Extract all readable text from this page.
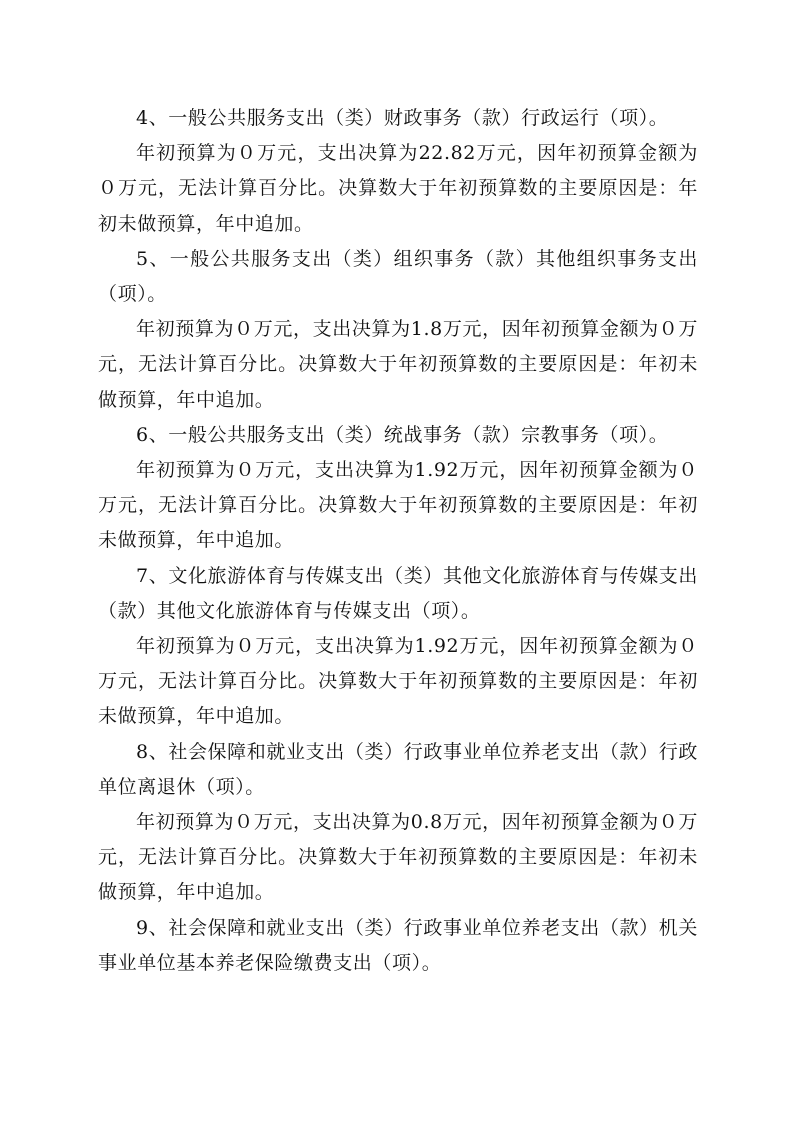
4、一般公共服务支出（类）财政事务（款）行政运行（项）。

年初预算为０万元，支出决算为22.82万元，因年初预算金额为０万元，无法计算百分比。决算数大于年初预算数的主要原因是：年初未做预算，年中追加。

5、一般公共服务支出（类）组织事务（款）其他组织事务支出（项）。

年初预算为０万元，支出决算为1.8万元，因年初预算金额为０万元，无法计算百分比。决算数大于年初预算数的主要原因是：年初未做预算，年中追加。

6、一般公共服务支出（类）统战事务（款）宗教事务（项）。

年初预算为０万元，支出决算为1.92万元，因年初预算金额为０万元，无法计算百分比。决算数大于年初预算数的主要原因是：年初未做预算，年中追加。

7、文化旅游体育与传媒支出（类）其他文化旅游体育与传媒支出（款）其他文化旅游体育与传媒支出（项）。

年初预算为０万元，支出决算为1.92万元，因年初预算金额为０万元，无法计算百分比。决算数大于年初预算数的主要原因是：年初未做预算，年中追加。

8、社会保障和就业支出（类）行政事业单位养老支出（款）行政单位离退休（项）。

年初预算为０万元，支出决算为0.8万元，因年初预算金额为０万元，无法计算百分比。决算数大于年初预算数的主要原因是：年初未做预算，年中追加。

9、社会保障和就业支出（类）行政事业单位养老支出（款）机关事业单位基本养老保险缴费支出（项）。
